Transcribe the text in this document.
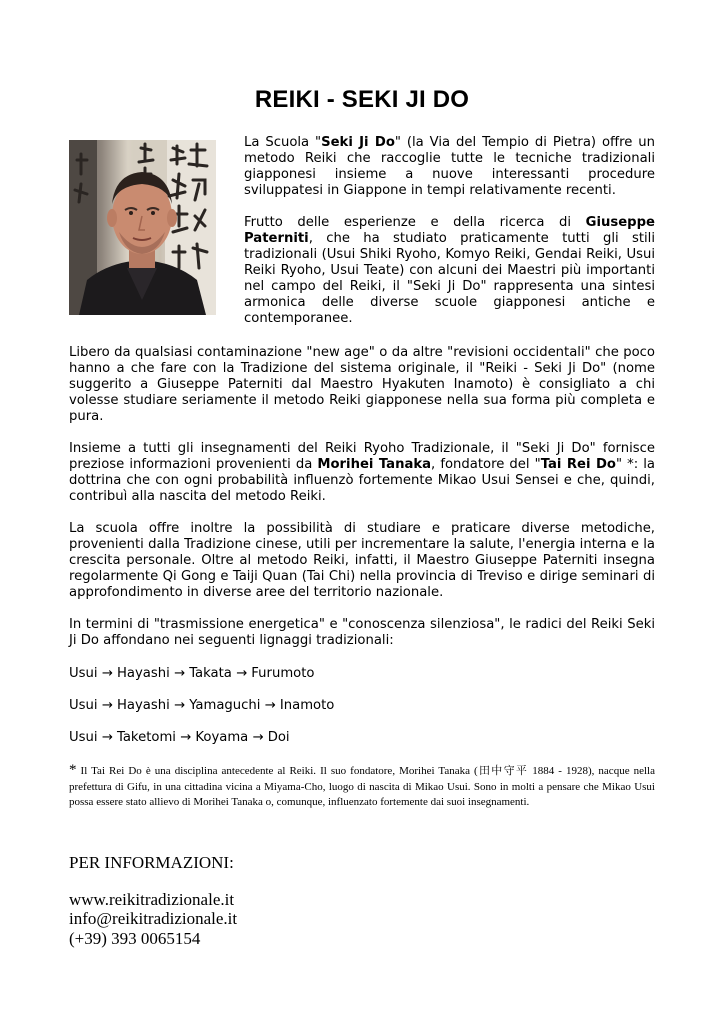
REIKI - SEKI JI DO

La Scuola "Seki Ji Do" (la Via del Tempio di Pietra) offre un metodo Reiki che raccoglie tutte le tecniche tradizionali giapponesi insieme a nuove interessanti procedure sviluppatesi in Giappone in tempi relativamente recenti.

Frutto delle esperienze e della ricerca di Giuseppe Paterniti, che ha studiato praticamente tutti gli stili tradizionali (Usui Shiki Ryoho, Komyo Reiki, Gendai Reiki, Usui Reiki Ryoho, Usui Teate) con alcuni dei Maestri più importanti nel campo del Reiki, il "Seki Ji Do" rappresenta una sintesi armonica delle diverse scuole giapponesi antiche e contemporanee.

Libero da qualsiasi contaminazione "new age" o da altre "revisioni occidentali" che poco hanno a che fare con la Tradizione del sistema originale, il "Reiki - Seki Ji Do" (nome suggerito a Giuseppe Paterniti dal Maestro Hyakuten Inamoto) è consigliato a chi volesse studiare seriamente il metodo Reiki giapponese nella sua forma più completa e pura.

Insieme a tutti gli insegnamenti del Reiki Ryoho Tradizionale, il "Seki Ji Do" fornisce preziose informazioni provenienti da Morihei Tanaka, fondatore del "Tai Rei Do" *: la dottrina che con ogni probabilità influenzò fortemente Mikao Usui Sensei e che, quindi, contribuì alla nascita del metodo Reiki.

La scuola offre inoltre la possibilità di studiare e praticare diverse metodiche, provenienti dalla Tradizione cinese, utili per incrementare la salute, l'energia interna e la crescita personale. Oltre al metodo Reiki, infatti, il Maestro Giuseppe Paterniti insegna regolarmente Qi Gong e Taiji Quan (Tai Chi) nella provincia di Treviso e dirige seminari di approfondimento in diverse aree del territorio nazionale.

In termini di "trasmissione energetica" e "conoscenza silenziosa", le radici del Reiki Seki Ji Do affondano nei seguenti lignaggi tradizionali:

Usui → Hayashi → Takata → Furumoto
Usui → Hayashi → Yamaguchi → Inamoto
Usui → Taketomi → Koyama → Doi

* Il Tai Rei Do è una disciplina antecedente al Reiki. Il suo fondatore, Morihei Tanaka (田中守平 1884 - 1928), nacque nella prefettura di Gifu, in una cittadina vicina a Miyama-Cho, luogo di nascita di Mikao Usui. Sono in molti a pensare che Mikao Usui possa essere stato allievo di Morihei Tanaka o, comunque, influenzato fortemente dai suoi insegnamenti.

PER INFORMAZIONI:
www.reikitradizionale.it
info@reikitradizionale.it
(+39) 393 0065154
